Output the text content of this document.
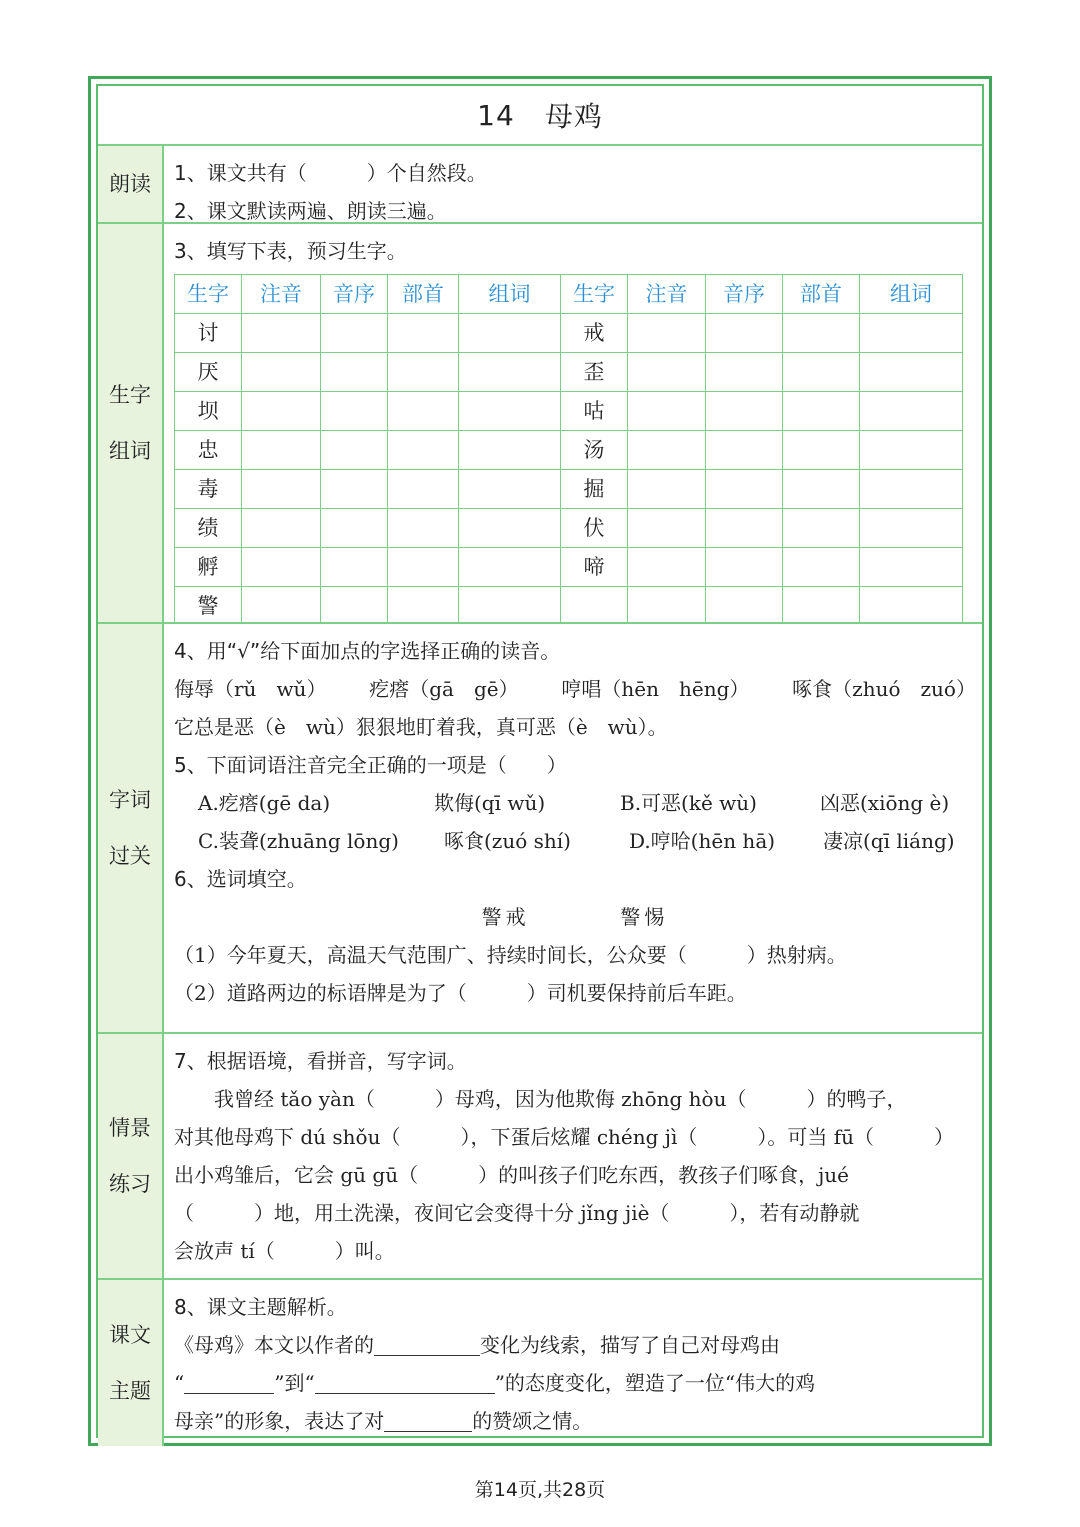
14 母鸡
朗读 1、课文共有（　　　）个自然段。
2、课文默读两遍、朗读三遍。
生字
组词
3、填写下表，预习生字。
生字	注音	音序	部首	组词	生字	注音	音序	部首	组词
讨					戒				
厌					歪				
坝					咕				
忠					汤				
毒					掘				
绩					伏				
孵					啼				
警									
字词
过关
4、用“√”给下面加点的字选择正确的读音。
侮辱（rǔ　wǔ） 疙瘩（gā　gē） 哼唱（hēn　hēng） 啄食（zhuó　zuó）
它总是恶（è　wù）狠狠地盯着我，真可恶（è　wù）。
5、下面词语注音完全正确的一项是（　　）
A.疙瘩(gē da)	欺侮(qī wǔ)	B.可恶(kě wù)	凶恶(xiōng è)
C.装聋(zhuāng lōng)	啄食(zuó shí)	D.哼哈(hēn hā)	凄凉(qī liáng)
6、选词填空。
警戒	警惕
（1）今年夏天，高温天气范围广、持续时间长，公众要（　　　）热射病。
（2）道路两边的标语牌是为了（　　　）司机要保持前后车距。
情景
练习
7、根据语境，看拼音，写字词。
我曾经 tǎo yàn（　　　）母鸡，因为他欺侮 zhōng hòu（　　　）的鸭子，
对其他母鸡下 dú shǒu（　　　），下蛋后炫耀 chéng jì（　　　）。可当 fū（　　　）
出小鸡雏后，它会 gū gū（　　　）的叫孩子们吃东西，教孩子们啄食，jué
（　　　）地，用土洗澡，夜间它会变得十分 jǐng jiè（　　　），若有动静就
会放声 tí（　　　）叫。
课文
主题
8、课文主题解析。
《母鸡》本文以作者的	变化为线索，描写了自己对母鸡由
“	”到“	”的态度变化，塑造了一位“伟大的鸡
母亲”的形象，表达了对	的赞颂之情。
第14页,共28页
